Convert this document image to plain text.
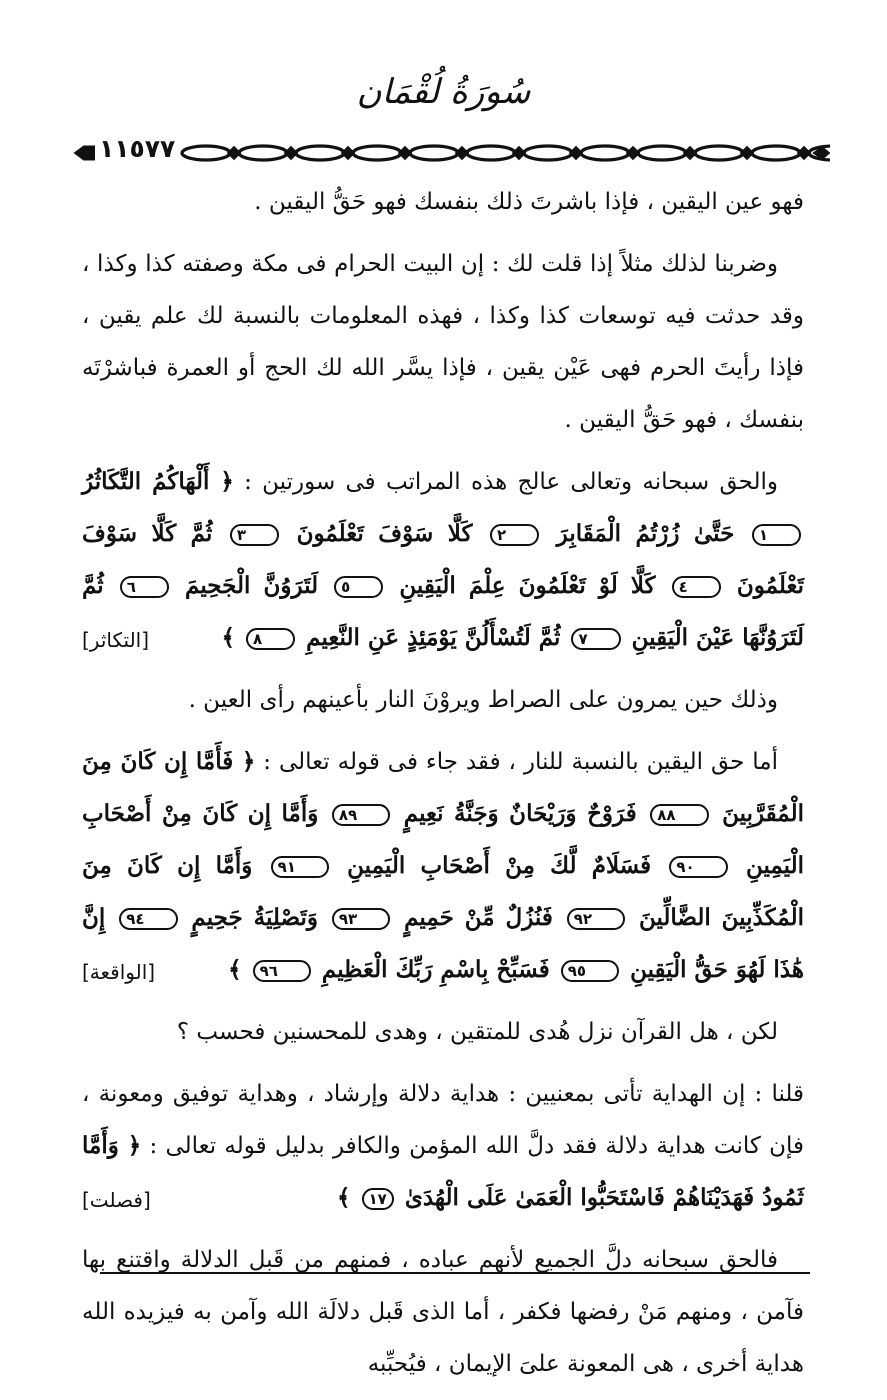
سُورَةُ لُقْمَان
١١٥٧٧

فهو عين اليقين ، فإذا باشرتَ ذلك بنفسك فهو حَقُّ اليقين .

وضربنا لذلك مثلاً إذا قلت لك : إن البيت الحرام فى مكة وصفته كذا وكذا ، وقد حدثت فيه توسعات كذا وكذا ، فهذه المعلومات بالنسبة لك علم يقين ، فإذا رأيتَ الحرم فهى عَيْن يقين ، فإذا يسَّر الله لك الحج أو العمرة فباشرْتَه بنفسك ، فهو حَقُّ اليقين .

والحق سبحانه وتعالى عالج هذه المراتب فى سورتين : ﴿ أَلْهَاكُمُ التَّكَاثُرُ ١ حَتَّىٰ زُرْتُمُ الْمَقَابِرَ ٢ كَلَّا سَوْفَ تَعْلَمُونَ ٣ ثُمَّ كَلَّا سَوْفَ تَعْلَمُونَ ٤ كَلَّا لَوْ تَعْلَمُونَ عِلْمَ الْيَقِينِ ٥ لَتَرَوُنَّ الْجَحِيمَ ٦ ثُمَّ لَتَرَوُنَّهَا عَيْنَ الْيَقِينِ ٧ ثُمَّ لَتُسْأَلُنَّ يَوْمَئِذٍ عَنِ النَّعِيمِ ٨ ﴾
[التكاثر]

وذلك حين يمرون على الصراط ويروْنَ النار بأعينهم رأى العين .

أما حق اليقين بالنسبة للنار ، فقد جاء فى قوله تعالى : ﴿ فَأَمَّا إِن كَانَ مِنَ الْمُقَرَّبِينَ ٨٨ فَرَوْحٌ وَرَيْحَانٌ وَجَنَّةُ نَعِيمٍ ٨٩ وَأَمَّا إِن كَانَ مِنْ أَصْحَابِ الْيَمِينِ ٩٠ فَسَلَامٌ لَّكَ مِنْ أَصْحَابِ الْيَمِينِ ٩١ وَأَمَّا إِن كَانَ مِنَ الْمُكَذِّبِينَ الضَّالِّينَ ٩٢ فَنُزُلٌ مِّنْ حَمِيمٍ ٩٣ وَتَصْلِيَةُ جَحِيمٍ ٩٤ إِنَّ هَٰذَا لَهُوَ حَقُّ الْيَقِينِ ٩٥ فَسَبِّحْ بِاسْمِ رَبِّكَ الْعَظِيمِ ٩٦ ﴾
[الواقعة]

لكن ، هل القرآن نزل هُدى للمتقين ، وهدى للمحسنين فحسب ؟

قلنا : إن الهداية تأتى بمعنيين : هداية دلالة وإرشاد ، وهداية توفيق ومعونة ، فإن كانت هداية دلالة فقد دلَّ الله المؤمن والكافر بدليل قوله تعالى : ﴿ وَأَمَّا ثَمُودُ فَهَدَيْنَاهُمْ فَاسْتَحَبُّوا الْعَمَىٰ عَلَى الْهُدَىٰ ١٧ ﴾
[فصلت]

فالحق سبحانه دلَّ الجميع لأنهم عباده ، فمنهم من قَبل الدلالة واقتنع بها فآمن ، ومنهم مَنْ رفضها فكفر ، أما الذى قَبل دلالَة الله وآمن به فيزيده الله هداية أخرى ، هى المعونة علىَ الإيمان ، فيُحبِّبه
